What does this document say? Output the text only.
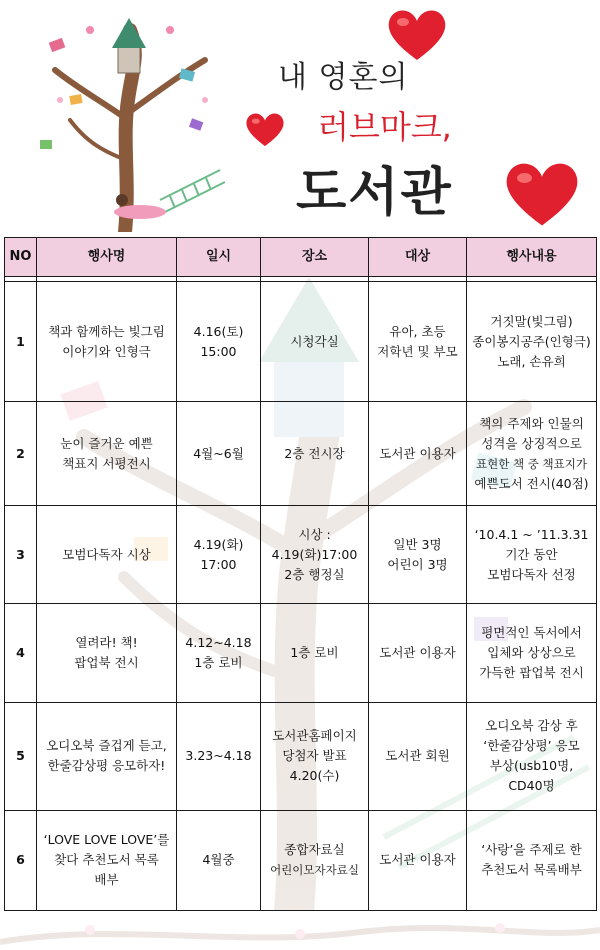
내 영혼의
러브마크,
도서관
NO	행사명	일시	장소	대상	행사내용

1	책과 함께하는 빛그림
이야기와 인형극	4.16(토)
15:00	시청각실	유아, 초등
저학년 및 부모	거짓말(빛그림)
종이봉지공주(인형극)
노래, 손유희

2	눈이 즐거운 예쁜
책표지 서평전시	4월~6월	2층 전시장	도서관 이용자	책의 주제와 인물의
성격을 상징적으로
표현한 책 중 책표지가
예쁜도서 전시(40점)

3	모범다독자 시상	4.19(화)
17:00	시상 :
4.19(화)17:00
2층 행정실	일반 3명
어린이 3명	‘10.4.1 ~ ’11.3.31
기간 동안
모범다독자 선정

4	열려라! 책!
팝업북 전시	4.12~4.18
1층 로비	1층 로비	도서관 이용자	평면적인 독서에서
입체와 상상으로
가득한 팝업북 전시

5	오디오북 즐겁게 듣고,
한줄감상평 응모하자!	3.23~4.18	도서관홈페이지
당첨자 발표
4.20(수)	도서관 회원	오디오북 감상 후
‘한줄감상평’ 응모
부상(usb10명,
CD40명

6	‘LOVE LOVE LOVE’를
찾다 추천도서 목록
배부	4월중	종합자료실
어린이모자자료실	도서관 이용자	‘사랑’을 주제로 한
추천도서 목록배부
